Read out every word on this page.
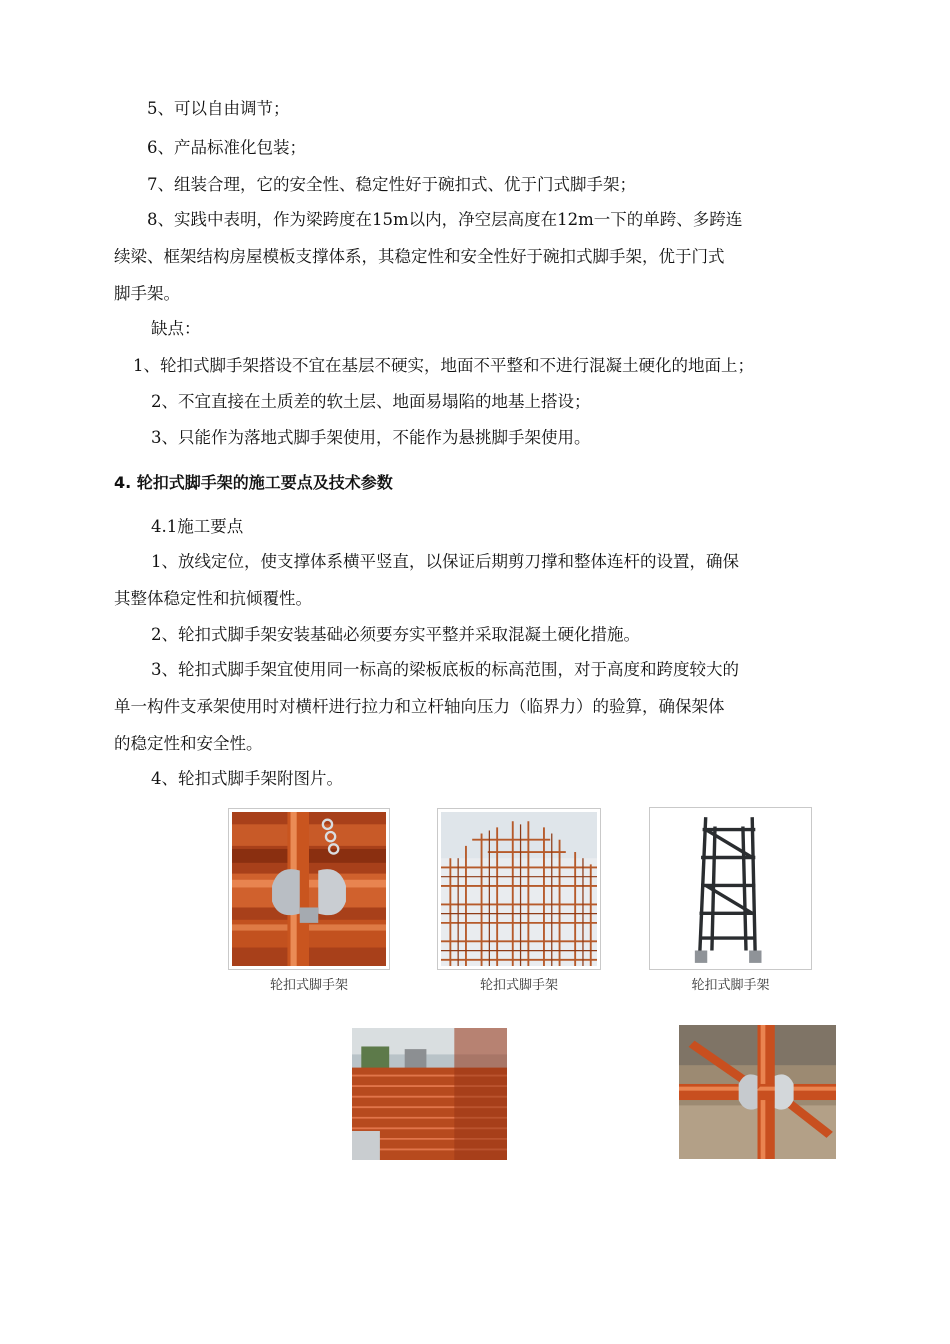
5、可以自由调节；
6、产品标准化包装；
7、组装合理，它的安全性、稳定性好于碗扣式、优于门式脚手架；
8、实践中表明，作为梁跨度在15m以内，净空层高度在12m一下的单跨、多跨连
续梁、框架结构房屋模板支撑体系，其稳定性和安全性好于碗扣式脚手架，优于门式
脚手架。
缺点：
1、轮扣式脚手架搭设不宜在基层不硬实，地面不平整和不进行混凝土硬化的地面上；
2、不宜直接在土质差的软土层、地面易塌陷的地基上搭设；
3、只能作为落地式脚手架使用，不能作为悬挑脚手架使用。
4. 轮扣式脚手架的施工要点及技术参数
4.1施工要点
1、放线定位，使支撑体系横平竖直，以保证后期剪刀撑和整体连杆的设置，确保
其整体稳定性和抗倾覆性。
2、轮扣式脚手架安装基础必须要夯实平整并采取混凝土硬化措施。
3、轮扣式脚手架宜使用同一标高的梁板底板的标高范围，对于高度和跨度较大的
单一构件支承架使用时对横杆进行拉力和立杆轴向压力（临界力）的验算，确保架体
的稳定性和安全性。
4、轮扣式脚手架附图片。
轮扣式脚手架	轮扣式脚手架	轮扣式脚手架
